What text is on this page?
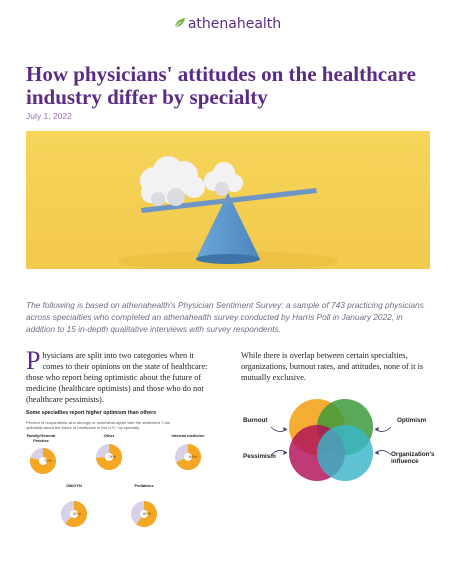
athenahealth
How physicians' attitudes on the healthcare industry differ by specialty
July 1, 2022

The following is based on athenahealth's Physician Sentiment Survey: a sample of 743 practicing physicians across specialties who completed an athenahealth survey conducted by Harris Poll in January 2022, in addition to 15 in-depth qualitative interviews with survey respondents.

P hysicians are split into two categories when it comes to their opinions on the state of healthcare: those who report being optimistic about the future of medicine (healthcare optimists) and those who do not (healthcare pessimists).
While there is overlap between certain specialties, organizations, burnout rates, and attitudes, none of it is mutually exclusive.
Some specialties report higher optimism than others
Percent of respondents who strongly or somewhat agree with the statement "I am optimistic about the future of healthcare in the U.S." by specialty
Family/General Practice
79%
Other
74%
Internal medicine
68%
OB/GYN
62%
Pediatrics
60%
Burnout	Optimism
Pessimism	Organization's influence
